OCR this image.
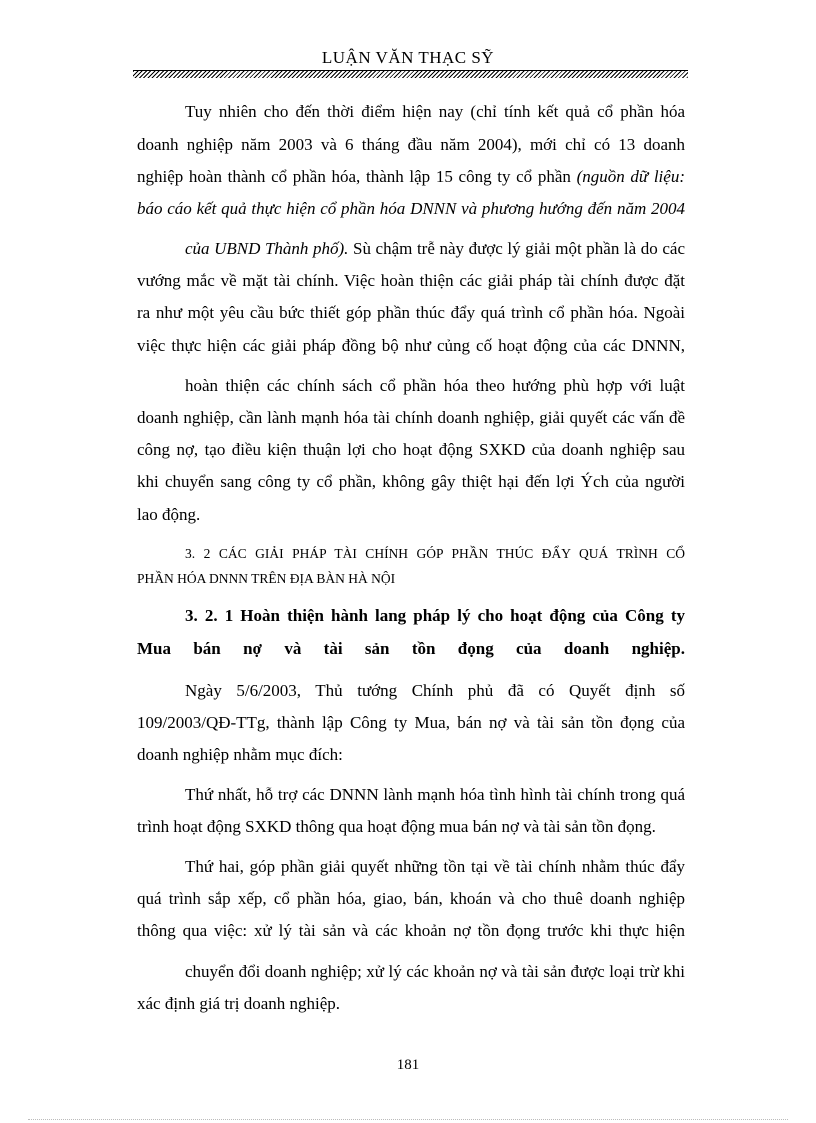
LUẬN VĂN THẠC SỸ
Tuy nhiên cho đến thời điểm hiện nay (chỉ tính kết quả cổ phần hóa
doanh nghiệp năm 2003 và 6 tháng đầu năm 2004), mới chỉ có 13 doanh
nghiệp hoàn thành cổ phần hóa, thành lập 15 công ty cổ phần (nguồn dữ liệu:
báo cáo kết quả thực hiện cổ phần hóa DNNN và phương hướng đến năm 2004
của UBND Thành phố). Sù chậm trễ này được lý giải một phần là do các
vướng mắc về mặt tài chính. Việc hoàn thiện các giải pháp tài chính được đặt
ra như một yêu cầu bức thiết góp phần thúc đẩy quá trình cổ phần hóa. Ngoài
việc thực hiện các giải pháp đồng bộ như củng cố hoạt động của các DNNN,
hoàn thiện các chính sách cổ phần hóa theo hướng phù hợp với luật
doanh nghiệp, cần lành mạnh hóa tài chính doanh nghiệp, giải quyết các vấn đề
công nợ, tạo điều kiện thuận lợi cho hoạt động SXKD của doanh nghiệp sau
khi chuyển sang công ty cổ phần, không gây thiệt hại đến lợi Ých của người
lao động.
3. 2 CÁC GIẢI PHÁP TÀI CHÍNH GÓP PHẦN THÚC ĐẨY QUÁ TRÌNH CỔ
PHẦN HÓA DNNN TRÊN ĐỊA BÀN HÀ NỘI
3. 2. 1 Hoàn thiện hành lang pháp lý cho hoạt động của Công ty
Mua bán nợ và tài sản tồn đọng của doanh nghiệp.
Ngày 5/6/2003, Thủ tướng Chính phủ đã có Quyết định số
109/2003/QĐ-TTg, thành lập Công ty Mua, bán nợ và tài sản tồn đọng của
doanh nghiệp nhằm mục đích:
Thứ nhất, hỗ trợ các DNNN lành mạnh hóa tình hình tài chính trong quá
trình hoạt động SXKD thông qua hoạt động mua bán nợ và tài sản tồn đọng.
Thứ hai, góp phần giải quyết những tồn tại về tài chính nhằm thúc đẩy
quá trình sắp xếp, cổ phần hóa, giao, bán, khoán và cho thuê doanh nghiệp
thông qua việc: xử lý tài sản và các khoản nợ tồn đọng trước khi thực hiện
chuyển đổi doanh nghiệp; xử lý các khoản nợ và tài sản được loại trừ khi
xác định giá trị doanh nghiệp.
181
